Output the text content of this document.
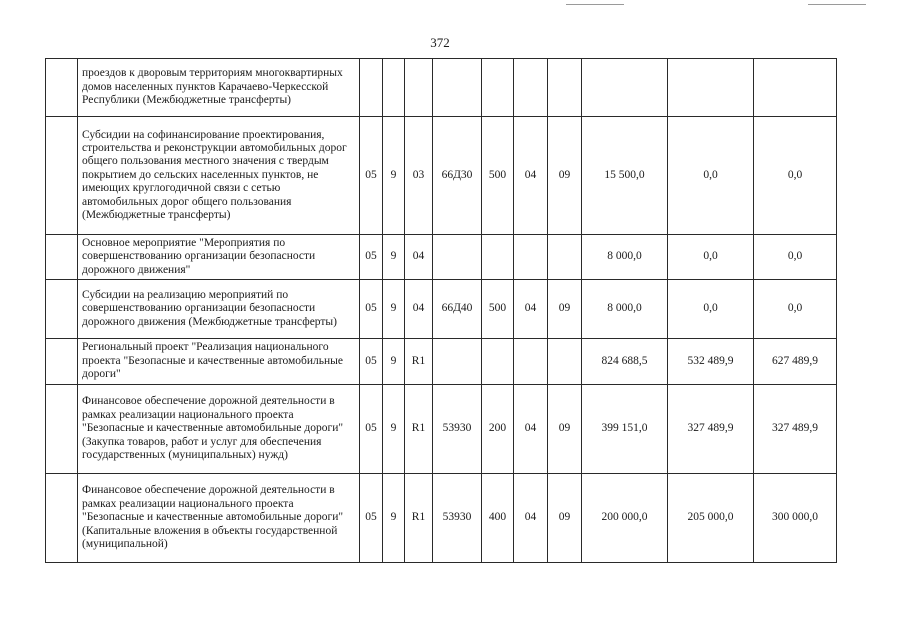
372
	проездов к дворовым территориям многоквартирных домов населенных пунктов Карачаево-Черкесской Республики (Межбюджетные трансферты)										
	Субсидии на софинансирование проектирования, строительства и реконструкции автомобильных дорог общего пользования местного значения с твердым покрытием до сельских населенных пунктов, не имеющих круглогодичной связи с сетью автомобильных дорог общего пользования (Межбюджетные трансферты)	05	9	03	66Д30	500	04	09	15 500,0	0,0	0,0
	Основное мероприятие "Мероприятия по совершенствованию организации безопасности дорожного движения"	05	9	04					8 000,0	0,0	0,0
	Субсидии на реализацию мероприятий по совершенствованию организации безопасности дорожного движения (Межбюджетные трансферты)	05	9	04	66Д40	500	04	09	8 000,0	0,0	0,0
	Региональный проект "Реализация национального проекта "Безопасные и качественные автомобильные дороги"	05	9	R1					824 688,5	532 489,9	627 489,9
	Финансовое обеспечение дорожной деятельности в рамках реализации национального проекта "Безопасные и качественные автомобильные дороги" (Закупка товаров, работ и услуг для обеспечения государственных (муниципальных) нужд)	05	9	R1	53930	200	04	09	399 151,0	327 489,9	327 489,9
	Финансовое обеспечение дорожной деятельности в рамках реализации национального проекта "Безопасные и качественные автомобильные дороги" (Капитальные вложения в объекты государственной (муниципальной)	05	9	R1	53930	400	04	09	200 000,0	205 000,0	300 000,0
